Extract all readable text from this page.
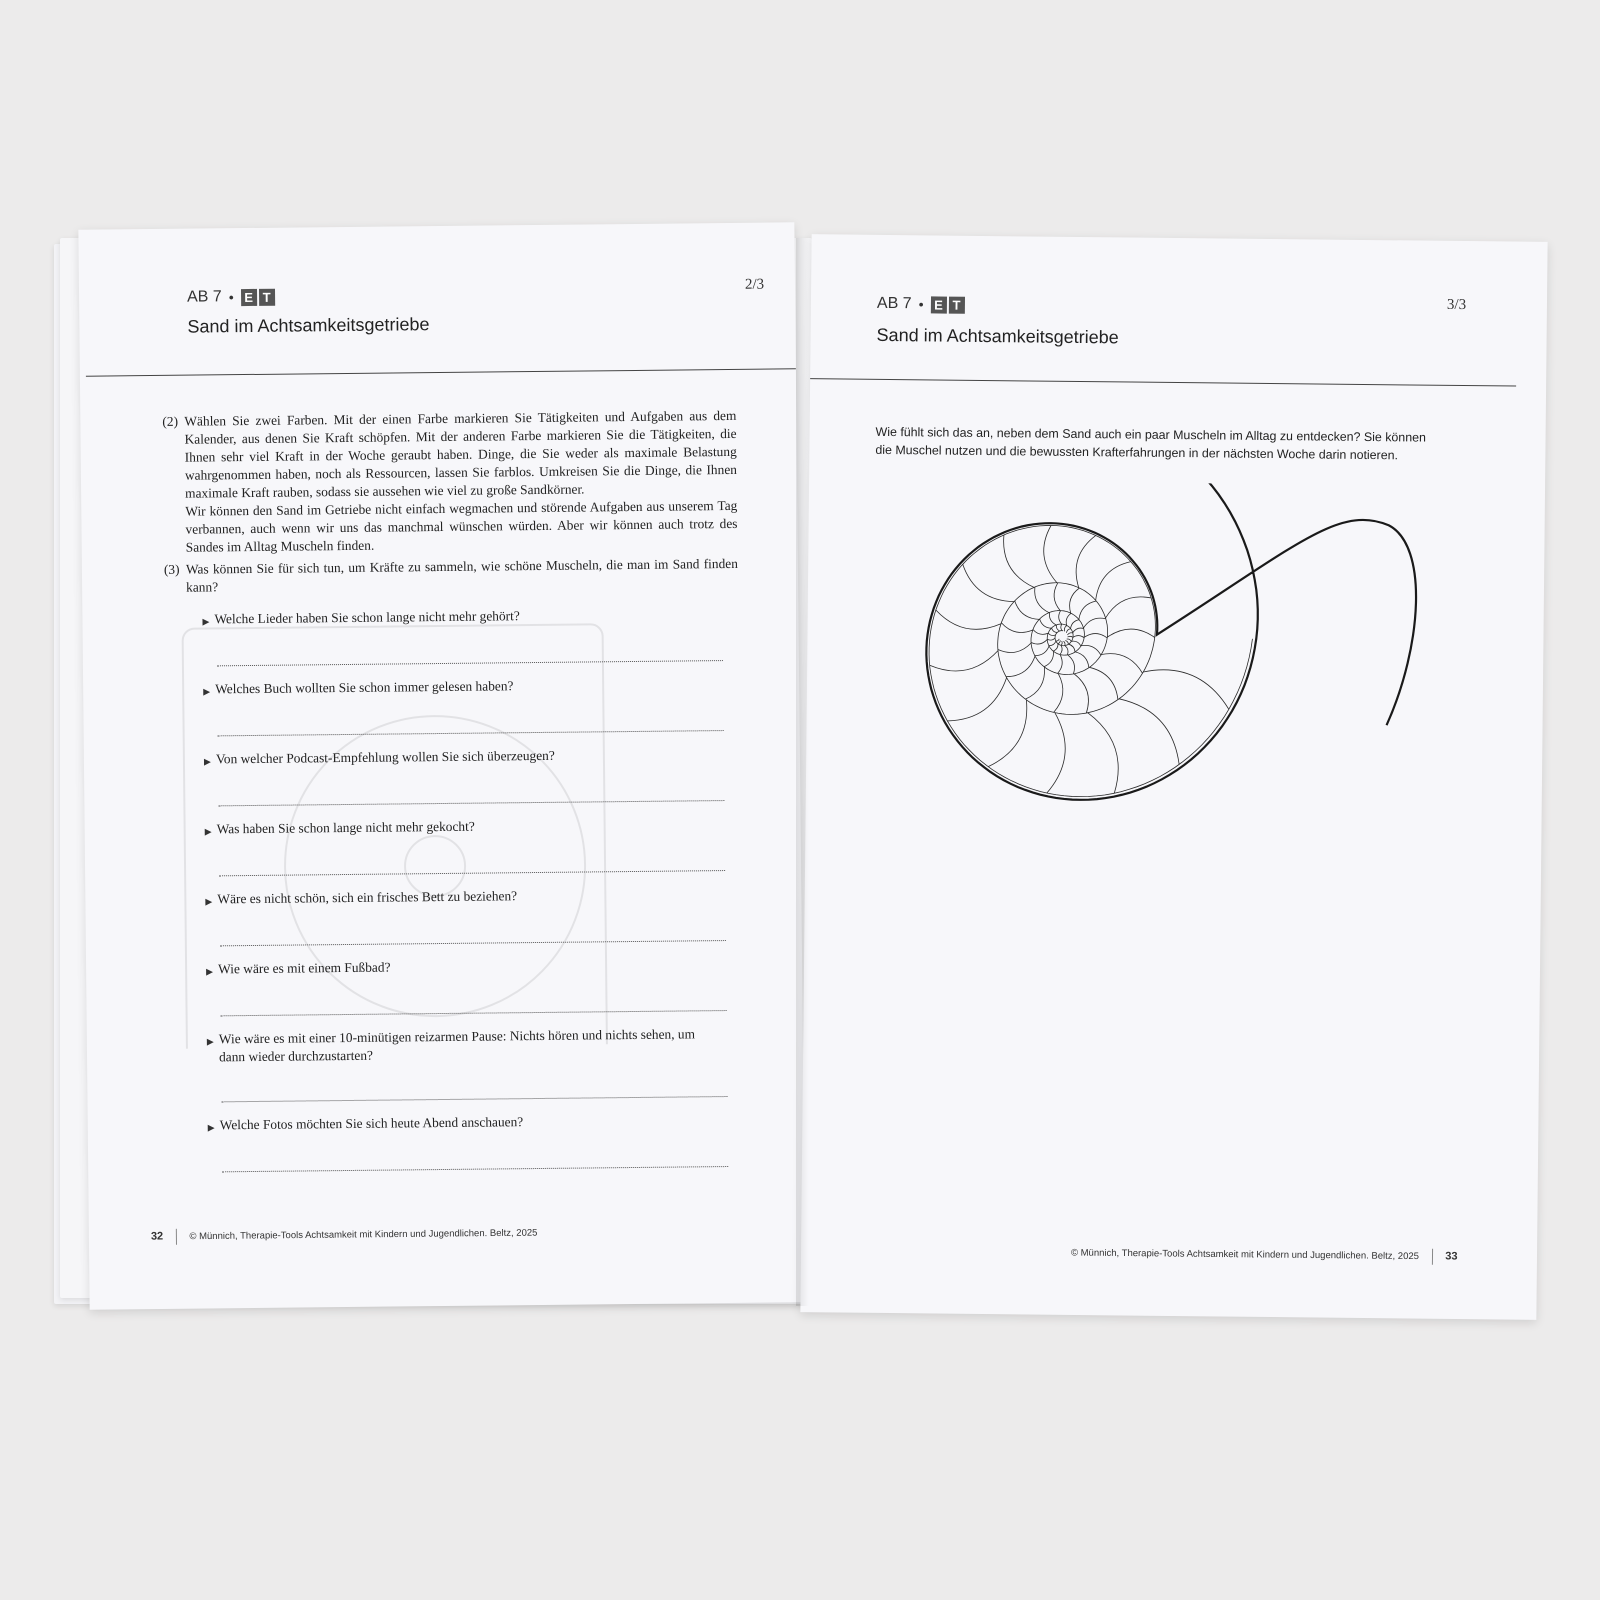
AB 7 • E T
2/3
Sand im Achtsamkeitsgetriebe
(2) Wählen Sie zwei Farben. Mit der einen Farbe markieren Sie Tätigkeiten und Aufgaben aus dem Kalender, aus denen Sie Kraft schöpfen. Mit der anderen Farbe markieren Sie die Tätigkeiten, die Ihnen sehr viel Kraft in der Woche geraubt haben. Dinge, die Sie weder als maximale Belastung wahrgenommen haben, noch als Ressourcen, lassen Sie farblos. Umkreisen Sie die Dinge, die Ihnen maximale Kraft rauben, sodass sie aussehen wie viel zu große Sandkörner.
Wir können den Sand im Getriebe nicht einfach wegmachen und störende Aufgaben aus unserem Tag verbannen, auch wenn wir uns das manchmal wünschen würden. Aber wir können auch trotz des Sandes im Alltag Muscheln finden.
(3) Was können Sie für sich tun, um Kräfte zu sammeln, wie schöne Muscheln, die man im Sand finden kann?
▶ Welche Lieder haben Sie schon lange nicht mehr gehört?
▶ Welches Buch wollten Sie schon immer gelesen haben?
▶ Von welcher Podcast-Empfehlung wollen Sie sich überzeugen?
▶ Was haben Sie schon lange nicht mehr gekocht?
▶ Wäre es nicht schön, sich ein frisches Bett zu beziehen?
▶ Wie wäre es mit einem Fußbad?
▶ Wie wäre es mit einer 10-minütigen reizarmen Pause: Nichts hören und nichts sehen, um dann wieder durchzustarten?
▶ Welche Fotos möchten Sie sich heute Abend anschauen?
32	© Münnich, Therapie-Tools Achtsamkeit mit Kindern und Jugendlichen. Beltz, 2025
AB 7 • E T	3/3
Sand im Achtsamkeitsgetriebe
Wie fühlt sich das an, neben dem Sand auch ein paar Muscheln im Alltag zu entdecken? Sie können die Muschel nutzen und die bewussten Krafterfahrungen in der nächsten Woche darin notieren.
© Münnich, Therapie-Tools Achtsamkeit mit Kindern und Jugendlichen. Beltz, 2025 33
